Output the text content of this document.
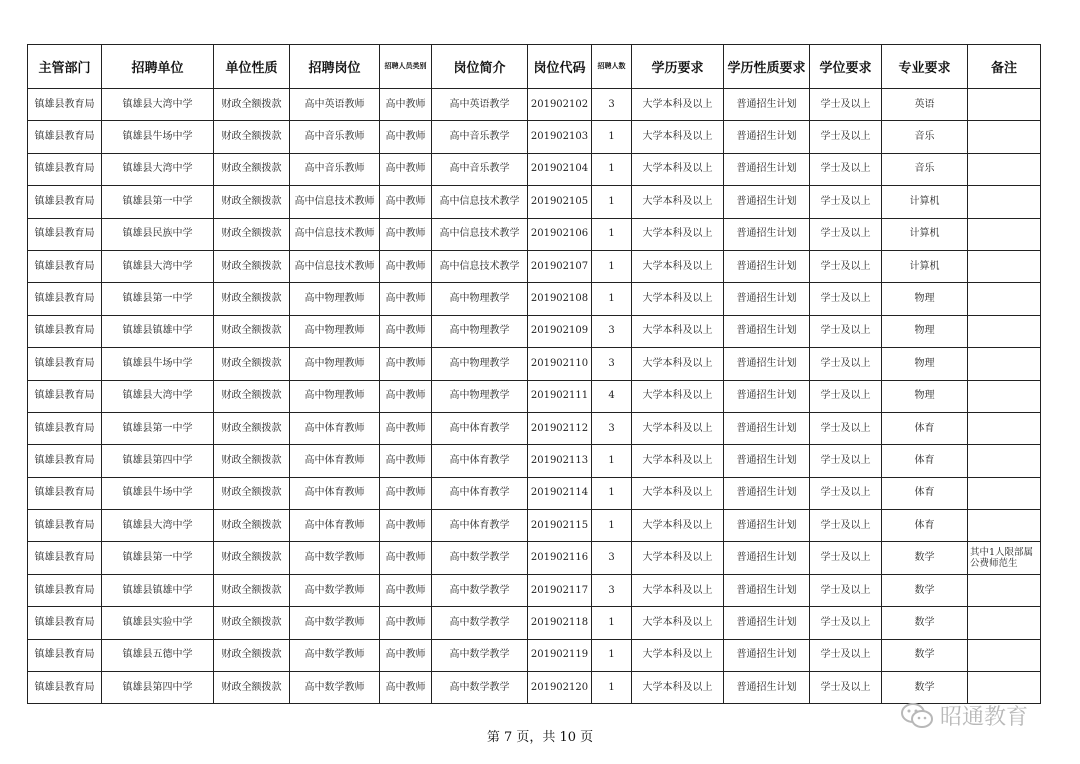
主管部门	招聘单位	单位性质	招聘岗位	招聘人员类别	岗位简介	岗位代码	招聘人数	学历要求	学历性质要求	学位要求	专业要求	备注
镇雄县教育局	镇雄县大湾中学	财政全额拨款	高中英语教师	高中教师	高中英语教学	201902102	3	大学本科及以上	普通招生计划	学士及以上	英语	
镇雄县教育局	镇雄县牛场中学	财政全额拨款	高中音乐教师	高中教师	高中音乐教学	201902103	1	大学本科及以上	普通招生计划	学士及以上	音乐	
镇雄县教育局	镇雄县大湾中学	财政全额拨款	高中音乐教师	高中教师	高中音乐教学	201902104	1	大学本科及以上	普通招生计划	学士及以上	音乐	
镇雄县教育局	镇雄县第一中学	财政全额拨款	高中信息技术教师	高中教师	高中信息技术教学	201902105	1	大学本科及以上	普通招生计划	学士及以上	计算机	
镇雄县教育局	镇雄县民族中学	财政全额拨款	高中信息技术教师	高中教师	高中信息技术教学	201902106	1	大学本科及以上	普通招生计划	学士及以上	计算机	
镇雄县教育局	镇雄县大湾中学	财政全额拨款	高中信息技术教师	高中教师	高中信息技术教学	201902107	1	大学本科及以上	普通招生计划	学士及以上	计算机	
镇雄县教育局	镇雄县第一中学	财政全额拨款	高中物理教师	高中教师	高中物理教学	201902108	1	大学本科及以上	普通招生计划	学士及以上	物理	
镇雄县教育局	镇雄县镇雄中学	财政全额拨款	高中物理教师	高中教师	高中物理教学	201902109	3	大学本科及以上	普通招生计划	学士及以上	物理	
镇雄县教育局	镇雄县牛场中学	财政全额拨款	高中物理教师	高中教师	高中物理教学	201902110	3	大学本科及以上	普通招生计划	学士及以上	物理	
镇雄县教育局	镇雄县大湾中学	财政全额拨款	高中物理教师	高中教师	高中物理教学	201902111	4	大学本科及以上	普通招生计划	学士及以上	物理	
镇雄县教育局	镇雄县第一中学	财政全额拨款	高中体育教师	高中教师	高中体育教学	201902112	3	大学本科及以上	普通招生计划	学士及以上	体育	
镇雄县教育局	镇雄县第四中学	财政全额拨款	高中体育教师	高中教师	高中体育教学	201902113	1	大学本科及以上	普通招生计划	学士及以上	体育	
镇雄县教育局	镇雄县牛场中学	财政全额拨款	高中体育教师	高中教师	高中体育教学	201902114	1	大学本科及以上	普通招生计划	学士及以上	体育	
镇雄县教育局	镇雄县大湾中学	财政全额拨款	高中体育教师	高中教师	高中体育教学	201902115	1	大学本科及以上	普通招生计划	学士及以上	体育	
镇雄县教育局	镇雄县第一中学	财政全额拨款	高中数学教师	高中教师	高中数学教学	201902116	3	大学本科及以上	普通招生计划	学士及以上	数学	其中1人限部属公费师范生
镇雄县教育局	镇雄县镇雄中学	财政全额拨款	高中数学教师	高中教师	高中数学教学	201902117	3	大学本科及以上	普通招生计划	学士及以上	数学	
镇雄县教育局	镇雄县实验中学	财政全额拨款	高中数学教师	高中教师	高中数学教学	201902118	1	大学本科及以上	普通招生计划	学士及以上	数学	
镇雄县教育局	镇雄县五德中学	财政全额拨款	高中数学教师	高中教师	高中数学教学	201902119	1	大学本科及以上	普通招生计划	学士及以上	数学	
镇雄县教育局	镇雄县第四中学	财政全额拨款	高中数学教师	高中教师	高中数学教学	201902120	1	大学本科及以上	普通招生计划	学士及以上	数学	
第 7 页，共 10 页
昭通教育
